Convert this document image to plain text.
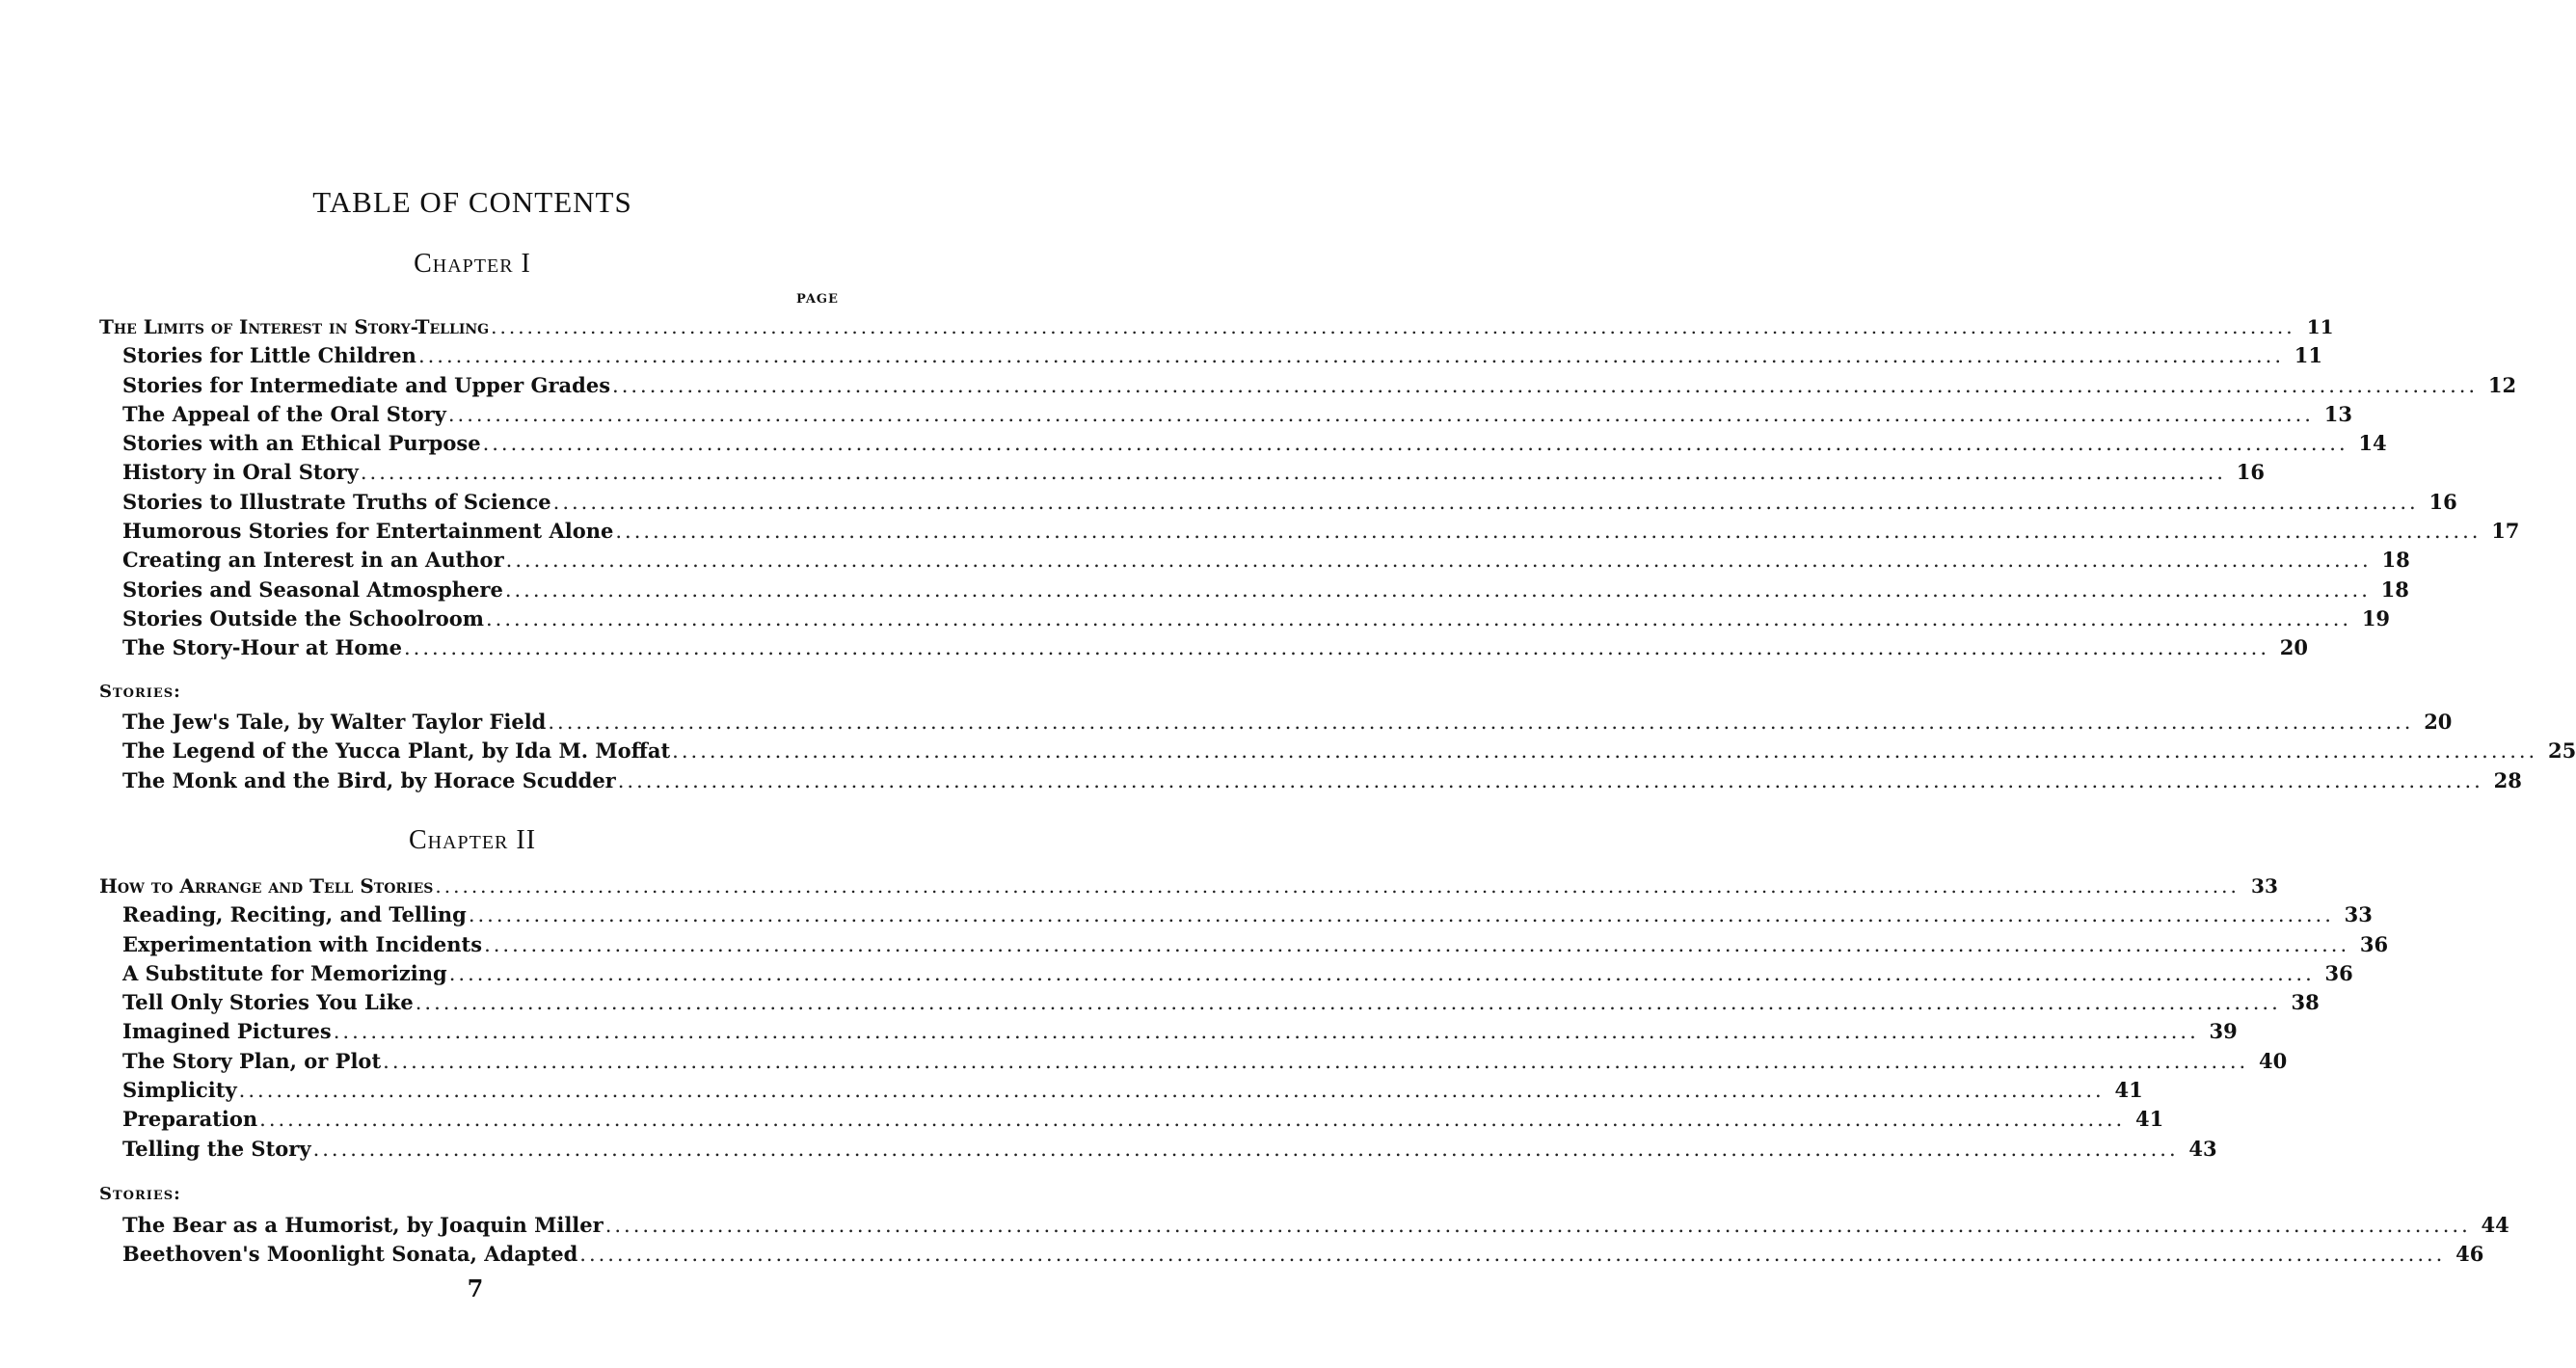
TABLE OF CONTENTS
Chapter I
PAGE
The Limits of Interest in Story-Telling ........................................................................................................................................................................................................ 11
Stories for Little Children ........................................................................................................................................................................................................ 11
Stories for Intermediate and Upper Grades ........................................................................................................................................................................................................ 12
The Appeal of the Oral Story ........................................................................................................................................................................................................ 13
Stories with an Ethical Purpose ........................................................................................................................................................................................................ 14
History in Oral Story ........................................................................................................................................................................................................ 16
Stories to Illustrate Truths of Science ........................................................................................................................................................................................................ 16
Humorous Stories for Entertainment Alone ........................................................................................................................................................................................................ 17
Creating an Interest in an Author ........................................................................................................................................................................................................ 18
Stories and Seasonal Atmosphere ........................................................................................................................................................................................................ 18
Stories Outside the Schoolroom ........................................................................................................................................................................................................ 19
The Story-Hour at Home ........................................................................................................................................................................................................ 20
Stories:
The Jew's Tale, by Walter Taylor Field ........................................................................................................................................................................................................ 20
The Legend of the Yucca Plant, by Ida M. Moffat ........................................................................................................................................................................................................ 25
The Monk and the Bird, by Horace Scudder ........................................................................................................................................................................................................ 28
Chapter II
How to Arrange and Tell Stories ........................................................................................................................................................................................................ 33
Reading, Reciting, and Telling ........................................................................................................................................................................................................ 33
Experimentation with Incidents ........................................................................................................................................................................................................ 36
A Substitute for Memorizing ........................................................................................................................................................................................................ 36
Tell Only Stories You Like ........................................................................................................................................................................................................ 38
Imagined Pictures ........................................................................................................................................................................................................ 39
The Story Plan, or Plot ........................................................................................................................................................................................................ 40
Simplicity ........................................................................................................................................................................................................ 41
Preparation ........................................................................................................................................................................................................ 41
Telling the Story ........................................................................................................................................................................................................ 43
Stories:
The Bear as a Humorist, by Joaquin Miller ........................................................................................................................................................................................................ 44
Beethoven's Moonlight Sonata, Adapted ........................................................................................................................................................................................................ 46
7
